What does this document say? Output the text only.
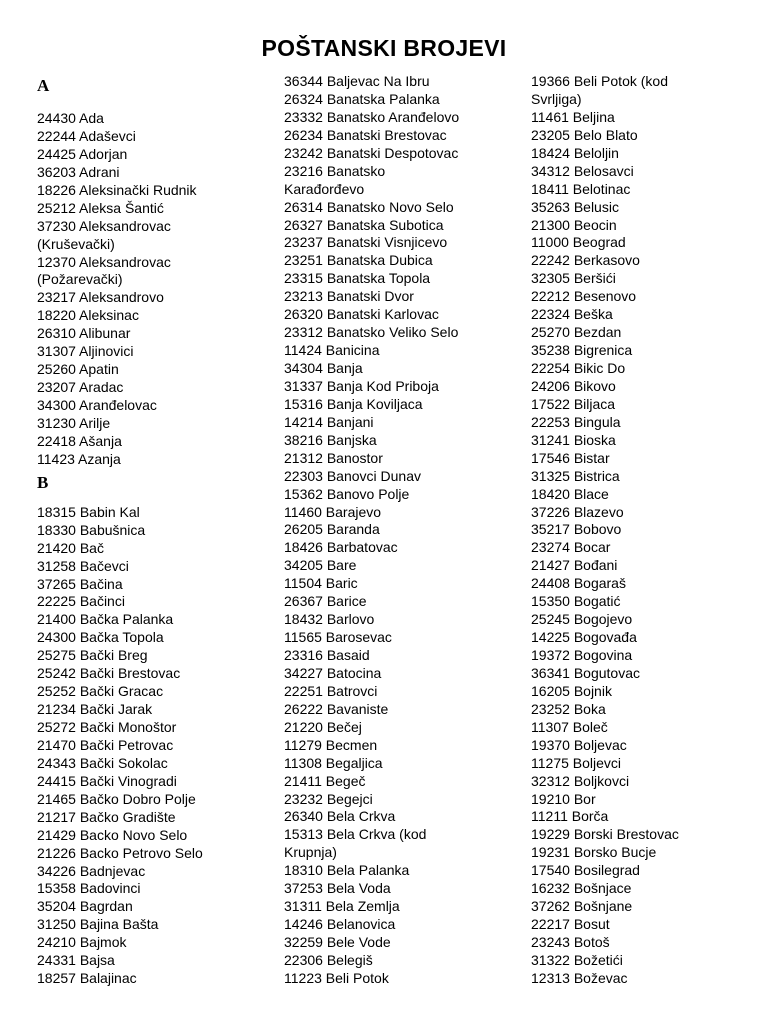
POŠTANSKI BROJEVI
A
24430 Ada
22244 Adaševci
24425 Adorjan
36203 Adrani
18226 Aleksinački Rudnik
25212 Aleksa Šantić
37230 Aleksandrovac
(Kruševački)
12370 Aleksandrovac
(Požarevački)
23217 Aleksandrovo
18220 Aleksinac
26310 Alibunar
31307 Aljinovici
25260 Apatin
23207 Aradac
34300 Aranđelovac
31230 Arilje
22418 Ašanja
11423 Azanja
B
18315 Babin Kal
18330 Babušnica
21420 Bač
31258 Bačevci
37265 Bačina
22225 Bačinci
21400 Bačka Palanka
24300 Bačka Topola
25275 Bački Breg
25242 Bački Brestovac
25252 Bački Gracac
21234 Bački Jarak
25272 Bački Monoštor
21470 Bački Petrovac
24343 Bački Sokolac
24415 Bački Vinogradi
21465 Bačko Dobro Polje
21217 Bačko Gradište
21429 Backo Novo Selo
21226 Backo Petrovo Selo
34226 Badnjevac
15358 Badovinci
35204 Bagrdan
31250 Bajina Bašta
24210 Bajmok
24331 Bajsa
18257 Balajinac
36344 Baljevac Na Ibru
26324 Banatska Palanka
23332 Banatsko Aranđelovo
26234 Banatski Brestovac
23242 Banatski Despotovac
23216 Banatsko
Karađorđevo
26314 Banatsko Novo Selo
26327 Banatska Subotica
23237 Banatski Visnjicevo
23251 Banatska Dubica
23315 Banatska Topola
23213 Banatski Dvor
26320 Banatski Karlovac
23312 Banatsko Veliko Selo
11424 Banicina
34304 Banja
31337 Banja Kod Priboja
15316 Banja Koviljaca
14214 Banjani
38216 Banjska
21312 Banostor
22303 Banovci Dunav
15362 Banovo Polje
11460 Barajevo
26205 Baranda
18426 Barbatovac
34205 Bare
11504 Baric
26367 Barice
18432 Barlovo
11565 Barosevac
23316 Basaid
34227 Batocina
22251 Batrovci
26222 Bavaniste
21220 Bečej
11279 Becmen
11308 Begaljica
21411 Begeč
23232 Begejci
26340 Bela Crkva
15313 Bela Crkva (kod
Krupnja)
18310 Bela Palanka
37253 Bela Voda
31311 Bela Zemlja
14246 Belanovica
32259 Bele Vode
22306 Belegiš
11223 Beli Potok
19366 Beli Potok (kod
Svrljiga)
11461 Beljina
23205 Belo Blato
18424 Beloljin
34312 Belosavci
18411 Belotinac
35263 Belusic
21300 Beocin
11000 Beograd
22242 Berkasovo
32305 Beršići
22212 Besenovo
22324 Beška
25270 Bezdan
35238 Bigrenica
22254 Bikic Do
24206 Bikovo
17522 Biljaca
22253 Bingula
31241 Bioska
17546 Bistar
31325 Bistrica
18420 Blace
37226 Blazevo
35217 Bobovo
23274 Bocar
21427 Bođani
24408 Bogaraš
15350 Bogatić
25245 Bogojevo
14225 Bogovađa
19372 Bogovina
36341 Bogutovac
16205 Bojnik
23252 Boka
11307 Boleč
19370 Boljevac
11275 Boljevci
32312 Boljkovci
19210 Bor
11211 Borča
19229 Borski Brestovac
19231 Borsko Bucje
17540 Bosilegrad
16232 Bošnjace
37262 Bošnjane
22217 Bosut
23243 Botoš
31322 Božetići
12313 Boževac
